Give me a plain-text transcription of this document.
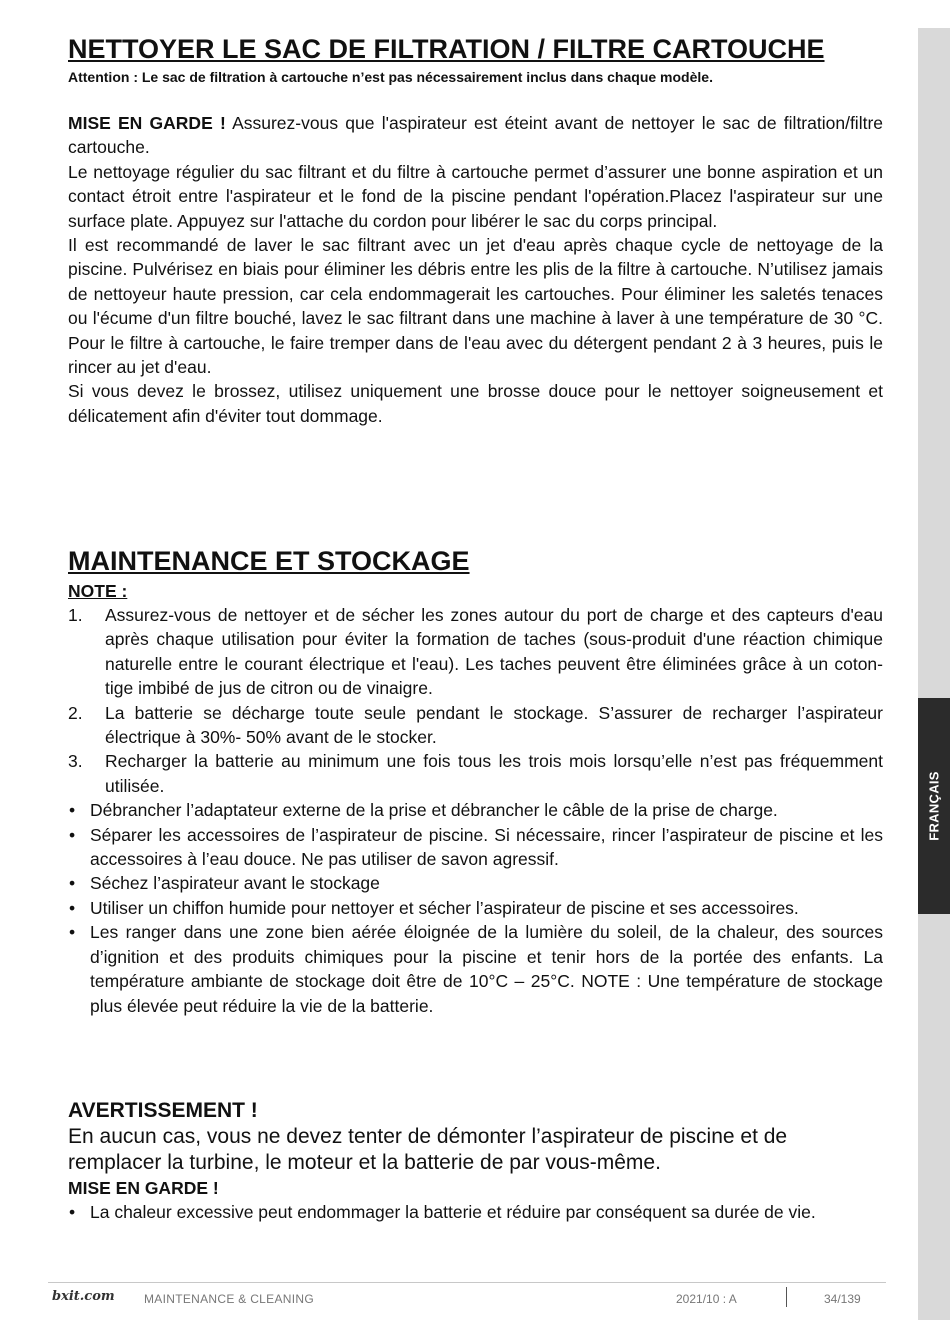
FRANÇAIS
NETTOYER LE SAC DE FILTRATION / FILTRE CARTOUCHE

Attention : Le sac de filtration à cartouche n’est pas nécessairement inclus dans chaque modèle.

MISE EN GARDE ! Assurez-vous que l'aspirateur est éteint avant de nettoyer le sac de filtration/filtre cartouche.

Le nettoyage régulier du sac filtrant et du filtre à cartouche permet d’assurer une bonne aspiration et un contact étroit entre l'aspirateur et le fond de la piscine pendant l'opération.Placez l'aspirateur sur une surface plate. Appuyez sur l'attache du cordon pour libérer le sac du corps principal.

Il est recommandé de laver le sac filtrant avec un jet d'eau après chaque cycle de nettoyage de la piscine. Pulvérisez en biais pour éliminer les débris entre les plis de la filtre à cartouche. N’utilisez jamais de nettoyeur haute pression, car cela endommagerait les cartouches. Pour éliminer les saletés tenaces ou l'écume d'un filtre bouché, lavez le sac filtrant dans une machine à laver à une température de 30 °C. Pour le filtre à cartouche, le faire tremper dans de l'eau avec du détergent pendant 2 à 3 heures, puis le rincer au jet d'eau.

Si vous devez le brossez, utilisez uniquement une brosse douce pour le nettoyer soigneusement et délicatement afin d'éviter tout dommage.

MAINTENANCE ET STOCKAGE

NOTE :

1.	Assurez-vous de nettoyer et de sécher les zones autour du port de charge et des capteurs d'eau après chaque utilisation pour éviter la formation de taches (sous-produit d'une réaction chimique naturelle entre le courant électrique et l'eau). Les taches peuvent être éliminées grâce à un coton-tige imbibé de jus de citron ou de vinaigre.
2.	La batterie se décharge toute seule pendant le stockage. S’assurer de recharger l’aspirateur électrique à 30%- 50% avant de le stocker.
3.	Recharger la batterie au minimum une fois tous les trois mois lorsqu’elle n’est pas fréquemment utilisée.
• Débrancher l’adaptateur externe de la prise et débrancher le câble de la prise de charge.
• Séparer les accessoires de l’aspirateur de piscine. Si nécessaire, rincer l’aspirateur de piscine et les accessoires à l’eau douce. Ne pas utiliser de savon agressif.
• Séchez l’aspirateur avant le stockage
• Utiliser un chiffon humide pour nettoyer et sécher l’aspirateur de piscine et ses accessoires.
• Les ranger dans une zone bien aérée éloignée de la lumière du soleil, de la chaleur, des sources d’ignition et des produits chimiques pour la piscine et tenir hors de la portée des enfants. La température ambiante de stockage doit être de 10°C – 25°C. NOTE : Une température de stockage plus élevée peut réduire la vie de la batterie.

AVERTISSEMENT !

En aucun cas, vous ne devez tenter de démonter l’aspirateur de piscine et de remplacer la turbine, le moteur et la batterie de par vous-même.

MISE EN GARDE !

• La chaleur excessive peut endommager la batterie et réduire par conséquent sa durée de vie.
bxit.com MAINTENANCE & CLEANING	2021/10 : A	34/139
